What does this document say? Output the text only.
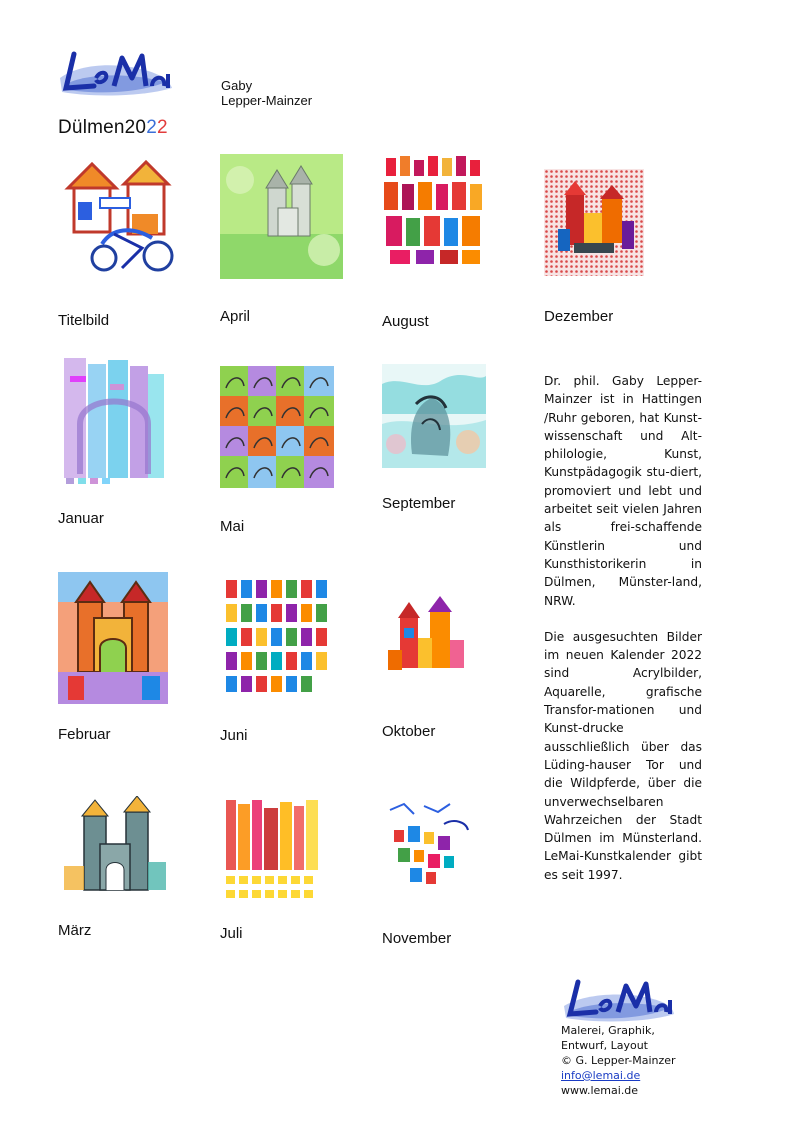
Gaby
Lepper-Mainzer
Dülmen2022
Titelbild	April	August	Dezember
Januar	Mai
September

Dr. phil. Gaby Lepper-Mainzer ist in Hattingen /Ruhr geboren, hat Kunst-wissenschaft und Alt-philologie, Kunst, Kunstpädagogik stu-diert, promoviert und lebt und arbeitet seit vielen Jahren als frei-schaffende Künstlerin und Kunsthistorikerin in Dülmen, Münster-land, NRW.

Die ausgesuchten Bilder im neuen Kalender 2022 sind Acrylbilder, Aquarelle, grafische Transfor-mationen und Kunst-drucke ausschließlich über das Lüding-hauser Tor und die Wildpferde, über die unverwechselbaren Wahrzeichen der Stadt Dülmen im Münsterland. LeMai-Kunstkalender gibt es seit 1997.

Februar	Juni	Oktober
März	Juli	November
Malerei, Graphik,
Entwurf, Layout
© G. Lepper-Mainzer
info@lemai.de
www.lemai.de
